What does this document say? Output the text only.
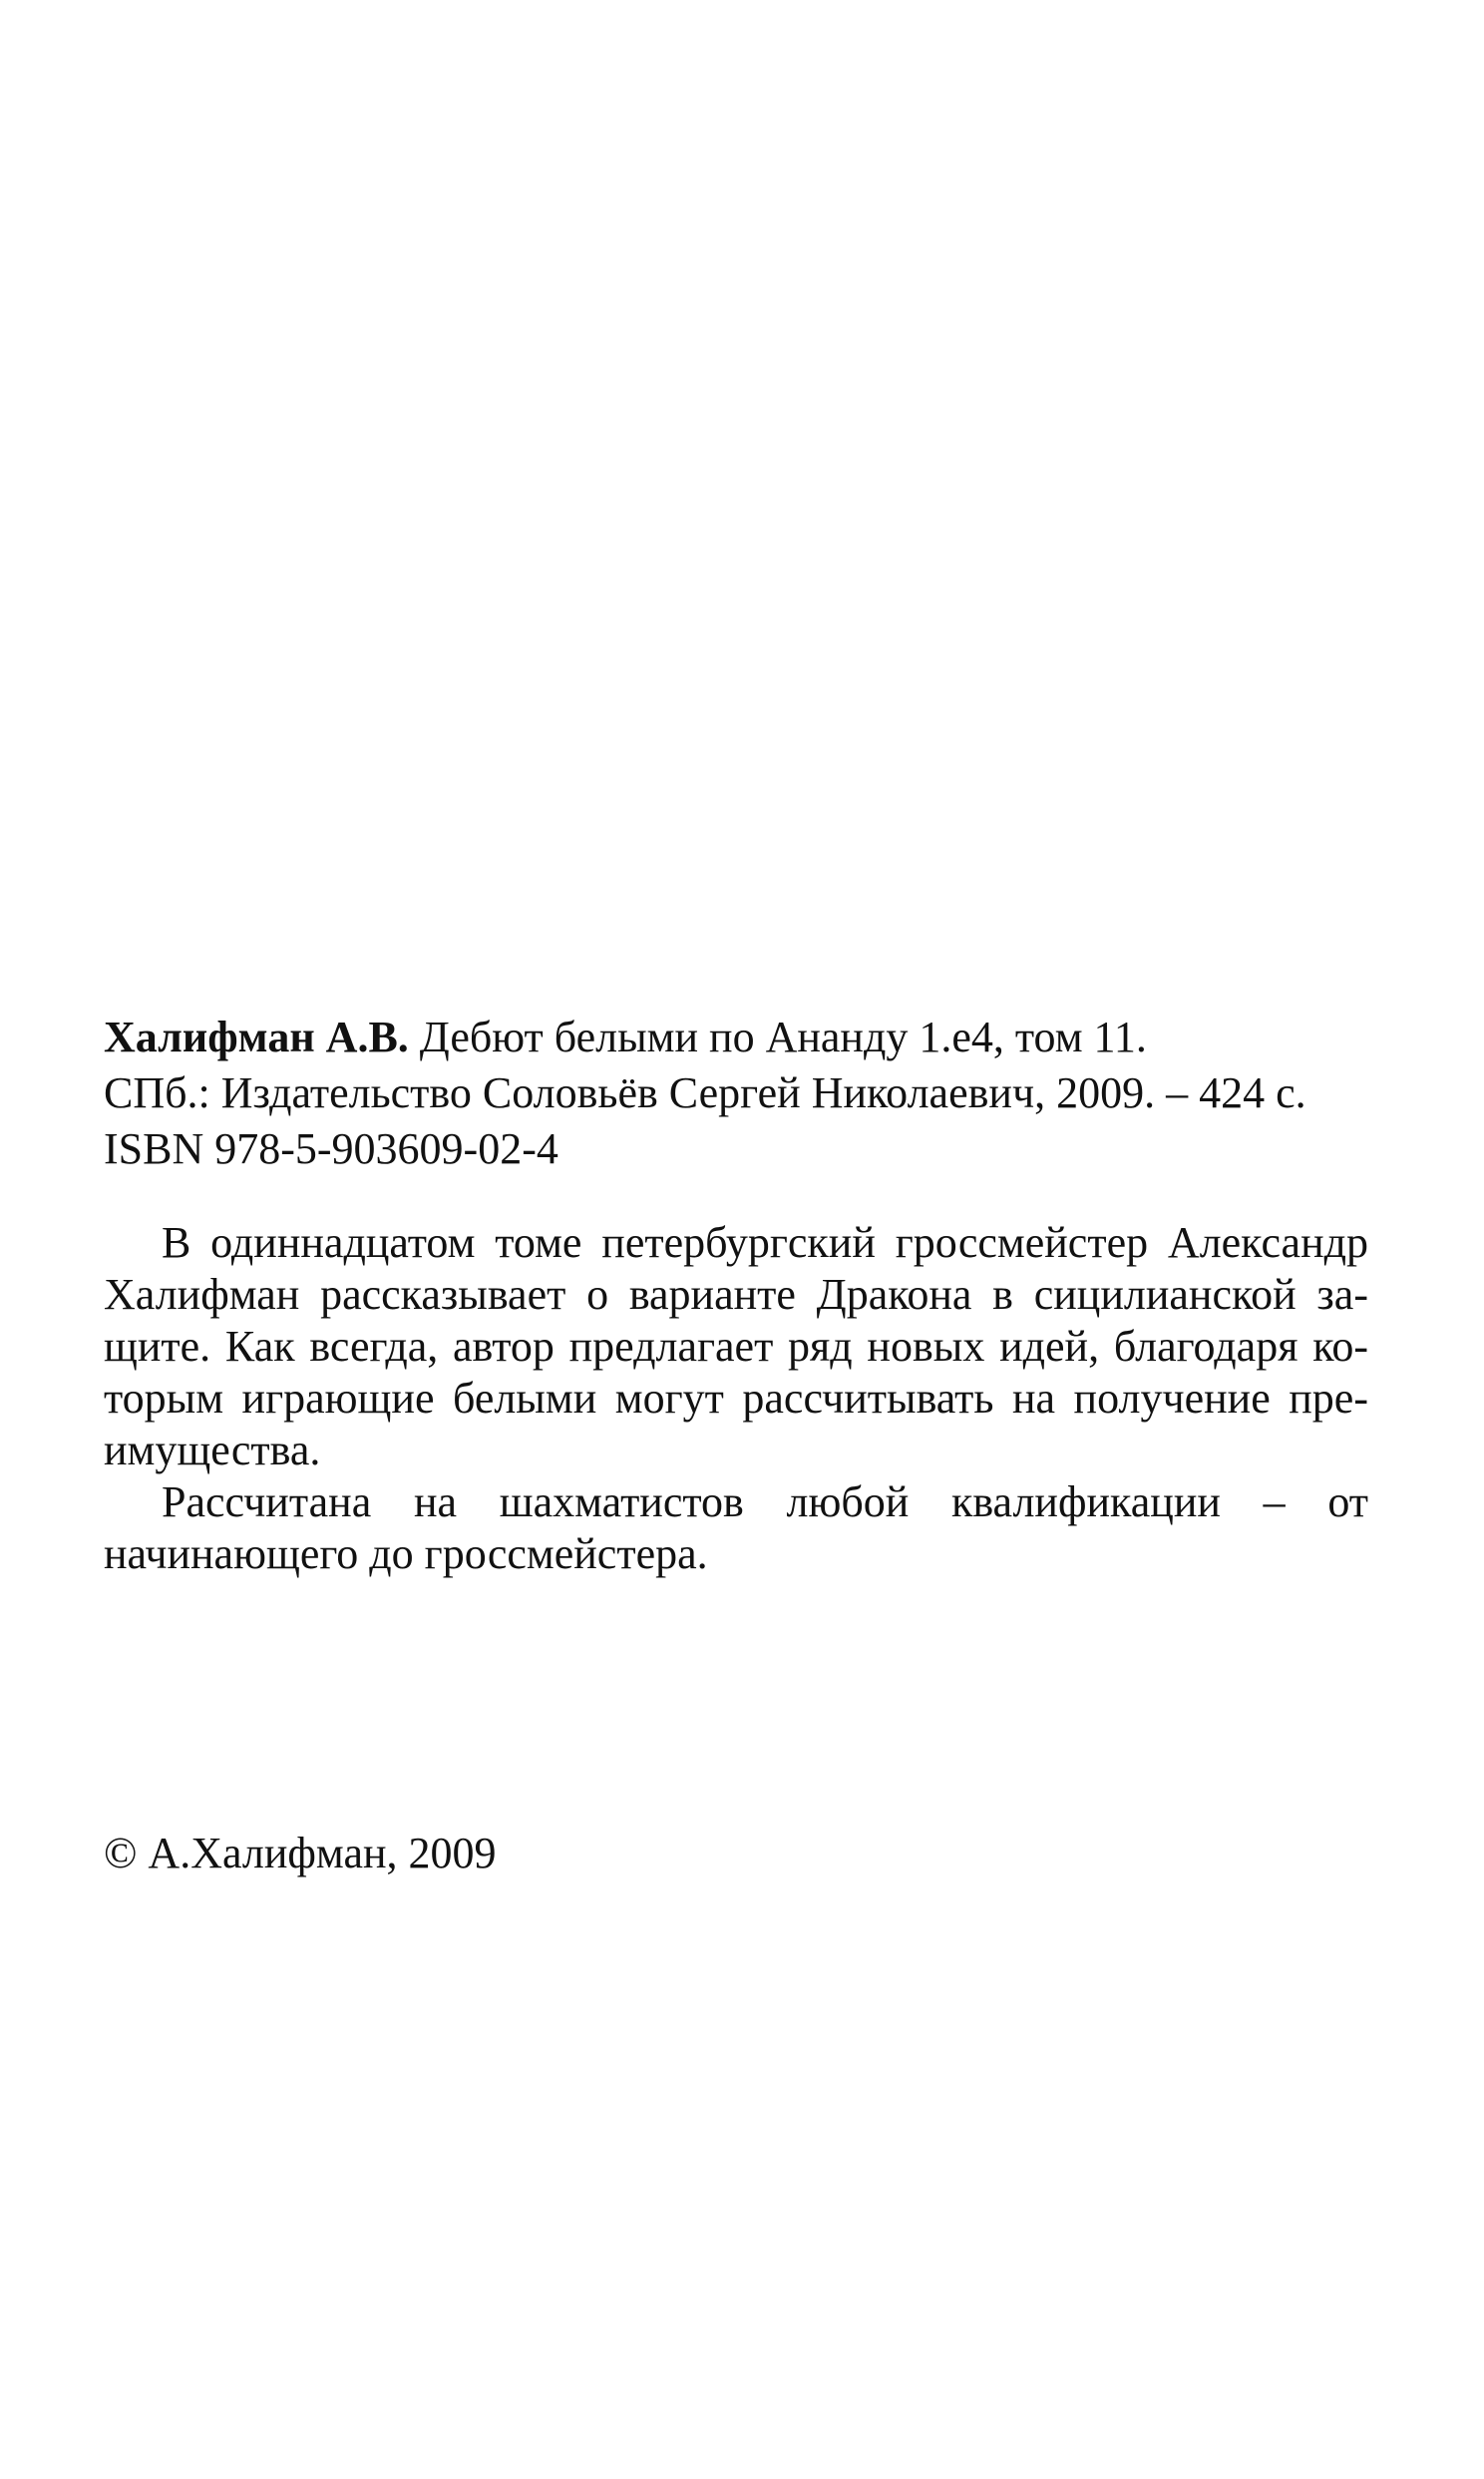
Халифман А.В. Дебют белыми по Ананду 1.e4, том 11.
СПб.: Издательство Соловьёв Сергей Николаевич, 2009. – 424 с.
ISBN 978-5-903609-02-4

В одиннадцатом томе петербургский гроссмейстер Александр Халифман рассказывает о варианте Дракона в сицилианской защите. Как всегда, автор предлагает ряд новых идей, благодаря которым играющие белыми могут рассчитывать на получение преимущества.

Рассчитана на шахматистов любой квалификации – от начинающего до гроссмейстера.

© А.Халифман, 2009
